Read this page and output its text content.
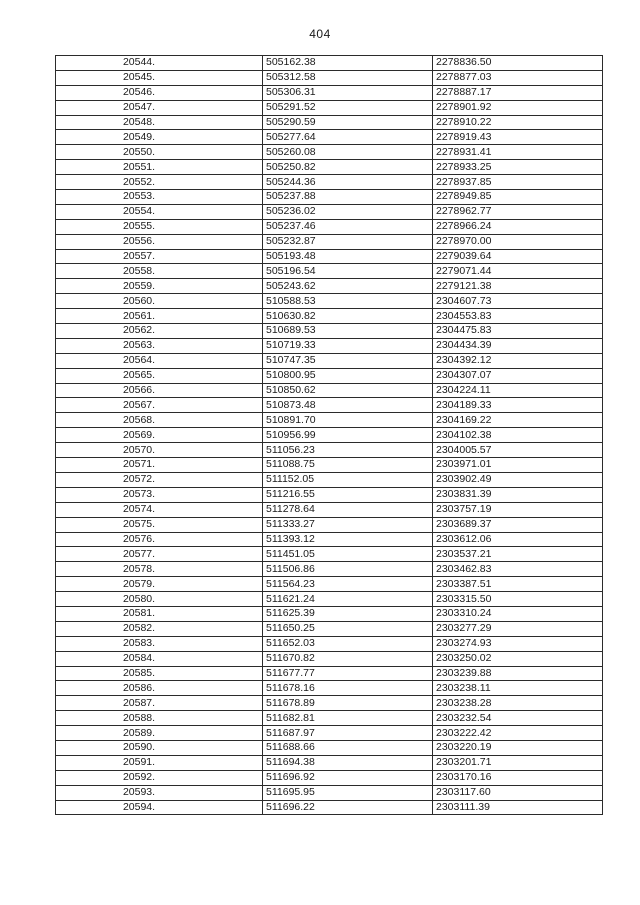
404
20544.	505162.38	2278836.50
20545.	505312.58	2278877.03
20546.	505306.31	2278887.17
20547.	505291.52	2278901.92
20548.	505290.59	2278910.22
20549.	505277.64	2278919.43
20550.	505260.08	2278931.41
20551.	505250.82	2278933.25
20552.	505244.36	2278937.85
20553.	505237.88	2278949.85
20554.	505236.02	2278962.77
20555.	505237.46	2278966.24
20556.	505232.87	2278970.00
20557.	505193.48	2279039.64
20558.	505196.54	2279071.44
20559.	505243.62	2279121.38
20560.	510588.53	2304607.73
20561.	510630.82	2304553.83
20562.	510689.53	2304475.83
20563.	510719.33	2304434.39
20564.	510747.35	2304392.12
20565.	510800.95	2304307.07
20566.	510850.62	2304224.11
20567.	510873.48	2304189.33
20568.	510891.70	2304169.22
20569.	510956.99	2304102.38
20570.	511056.23	2304005.57
20571.	511088.75	2303971.01
20572.	511152.05	2303902.49
20573.	511216.55	2303831.39
20574.	511278.64	2303757.19
20575.	511333.27	2303689.37
20576.	511393.12	2303612.06
20577.	511451.05	2303537.21
20578.	511506.86	2303462.83
20579.	511564.23	2303387.51
20580.	511621.24	2303315.50
20581.	511625.39	2303310.24
20582.	511650.25	2303277.29
20583.	511652.03	2303274.93
20584.	511670.82	2303250.02
20585.	511677.77	2303239.88
20586.	511678.16	2303238.11
20587.	511678.89	2303238.28
20588.	511682.81	2303232.54
20589.	511687.97	2303222.42
20590.	511688.66	2303220.19
20591.	511694.38	2303201.71
20592.	511696.92	2303170.16
20593.	511695.95	2303117.60
20594.	511696.22	2303111.39
